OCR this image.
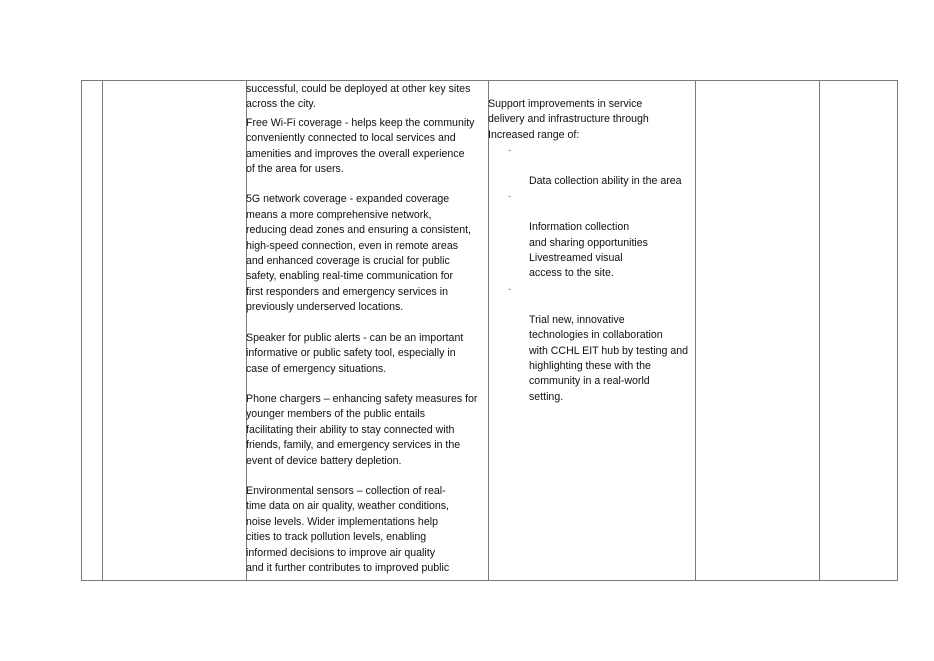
successful, could be deployed at other key sites
across the city.

Free Wi-Fi coverage - helps keep the community
conveniently connected to local services and
amenities and improves the overall experience
of the area for users.

5G network coverage - expanded coverage
means a more comprehensive network,
reducing dead zones and ensuring a consistent,
high-speed connection, even in remote areas
and enhanced coverage is crucial for public
safety, enabling real-time communication for
first responders and emergency services in
previously underserved locations.

Speaker for public alerts - can be an important
informative or public safety tool, especially in
case of emergency situations.

Phone chargers – enhancing safety measures for
younger members of the public entails
facilitating their ability to stay connected with
friends, family, and emergency services in the
event of device battery depletion.

Environmental sensors – collection of real-
time data on air quality, weather conditions,
noise levels. Wider implementations help
cities to track pollution levels, enabling
informed decisions to improve air quality
and it further contributes to improved public

Support improvements in service
delivery and infrastructure through
Increased range of:

-

Data collection ability in the area

-

Information collection
and sharing opportunities
Livestreamed visual
access to the site.

-

Trial new, innovative
technologies in collaboration
with CCHL EIT hub by testing and
highlighting these with the
community in a real-world
setting.
